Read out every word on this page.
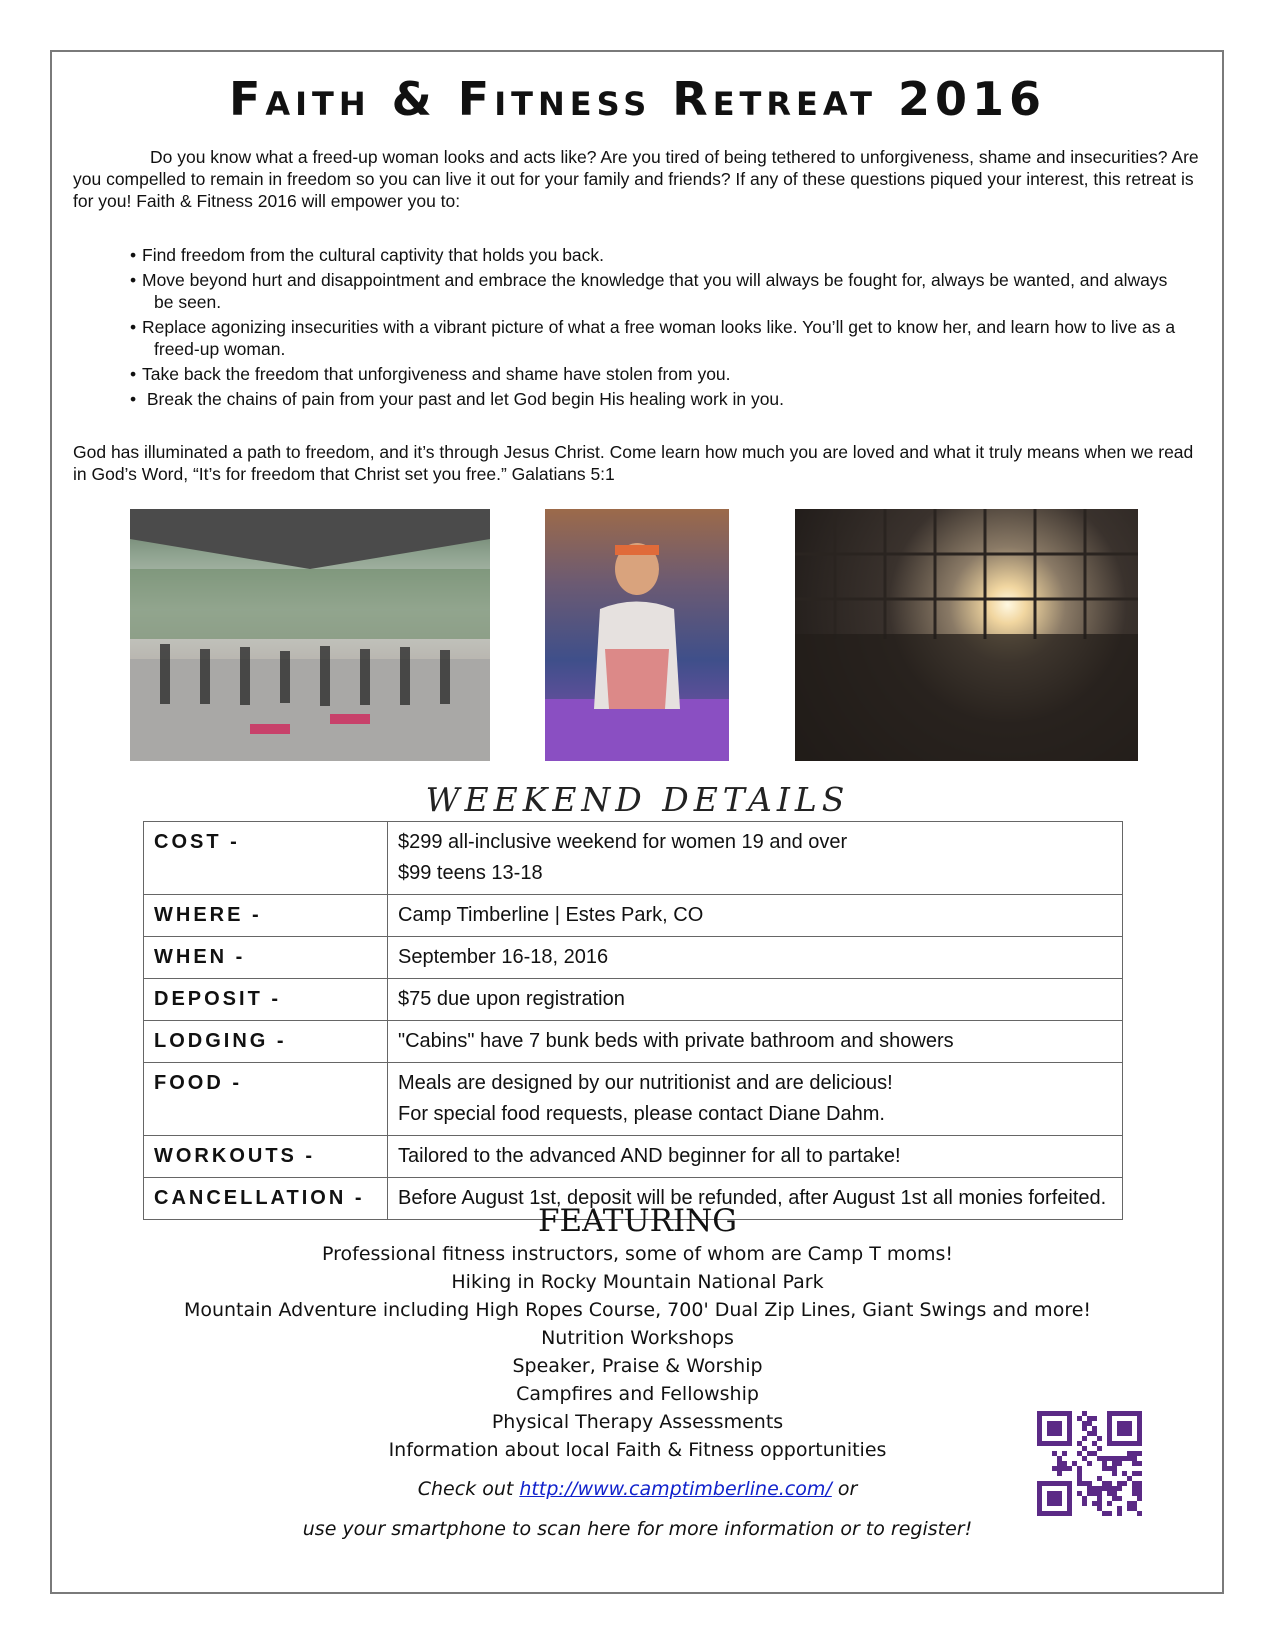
Faith & Fitness Retreat 2016
Do you know what a freed-up woman looks and acts like? Are you tired of being tethered to unforgiveness, shame and insecurities? Are you compelled to remain in freedom so you can live it out for your family and friends? If any of these questions piqued your interest, this retreat is for you! Faith & Fitness 2016 will empower you to:
• Find freedom from the cultural captivity that holds you back.
• Move beyond hurt and disappointment and embrace the knowledge that you will always be fought for, always be wanted, and always be seen.
• Replace agonizing insecurities with a vibrant picture of what a free woman looks like. You’ll get to know her, and learn how to live as a freed-up woman.
• Take back the freedom that unforgiveness and shame have stolen from you.
• Break the chains of pain from your past and let God begin His healing work in you.
God has illuminated a path to freedom, and it’s through Jesus Christ. Come learn how much you are loved and what it truly means when we read in God’s Word, “It’s for freedom that Christ set you free.” Galatians 5:1
WEEKEND DETAILS
COST -	$299 all-inclusive weekend for women 19 and over
$99 teens 13-18

WHERE -	Camp Timberline | Estes Park, CO
WHEN -	September 16-18, 2016
DEPOSIT -	$75 due upon registration
LODGING -	"Cabins" have 7 bunk beds with private bathroom and showers
FOOD -	Meals are designed by our nutritionist and are delicious!
For special food requests, please contact Diane Dahm.

WORKOUTS -	Tailored to the advanced AND beginner for all to partake!
CANCELLATION -	Before August 1st, deposit will be refunded, after August 1st all monies forfeited.
FEATURING
Professional fitness instructors, some of whom are Camp T moms!
Hiking in Rocky Mountain National Park
Mountain Adventure including High Ropes Course, 700' Dual Zip Lines, Giant Swings and more!
Nutrition Workshops
Speaker, Praise & Worship
Campfires and Fellowship
Physical Therapy Assessments
Information about local Faith & Fitness opportunities
Check out http://www.camptimberline.com/ or
use your smartphone to scan here for more information or to register!
